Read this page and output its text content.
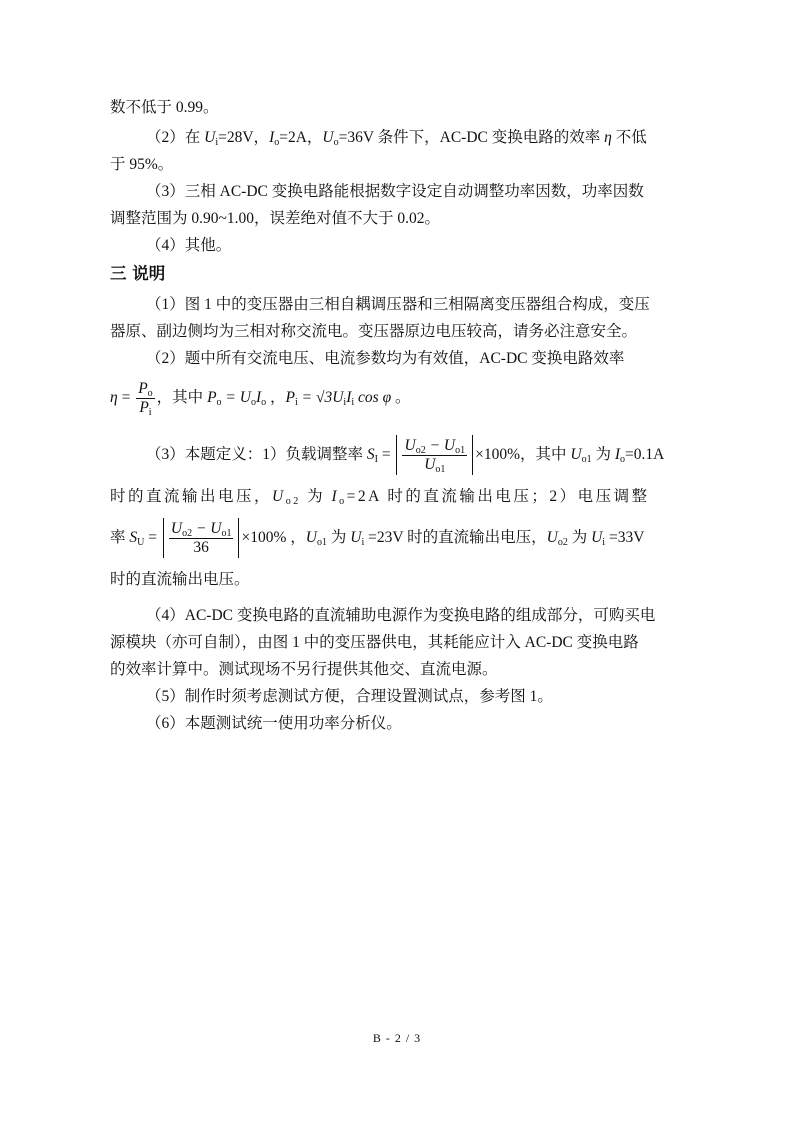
数不低于 0.99。
（2）在 $U_i=28V$，$I_o=2A$，$U_o=36V$ 条件下，AC-DC 变换电路的效率 η 不低
于 95%。
（3）三相 AC-DC 变换电路能根据数字设定自动调整功率因数，功率因数
调整范围为 0.90~1.00，误差绝对值不大于 0.02。
（4）其他。
三 说明
（1）图 1 中的变压器由三相自耦调压器和三相隔离变压器组合构成，变压
器原、副边侧均为三相对称交流电。变压器原边电压较高，请务必注意安全。
（2）题中所有交流电压、电流参数均为有效值，AC-DC 变换电路效率
$\eta = \frac{P_o}{P_i}$ ，其中 $P_o = U_oI_o$ ，$P_i = √3U_iI_i$ cos φ 。
（3）本题定义：1）负载调整率 $S_I = \frac{U_{o2} - U_{o1}}{U_{o1}} \times 100\%$，其中 $U_{o1}$ 为 $I_o=0.1A$
时的直流输出电压，$U_{o2}$ 为 $I_o=2A$ 时的直流输出电压；2）电压调整
率 $S_U = \frac{U_{o2} - U_{o1}}{36} \times 100\%$ ，$U_{o1}$ 为 $U_i =23V$ 时的直流输出电压，$U_{o2}$ 为 $U_i =33V$
时的直流输出电压。
（4）AC-DC 变换电路的直流辅助电源作为变换电路的组成部分，可购买电
源模块（亦可自制），由图 1 中的变压器供电，其耗能应计入 AC-DC 变换电路
的效率计算中。测试现场不另行提供其他交、直流电源。
（5）制作时须考虑测试方便，合理设置测试点，参考图 1。
（6）本题测试统一使用功率分析仪。
B - 2 / 3
